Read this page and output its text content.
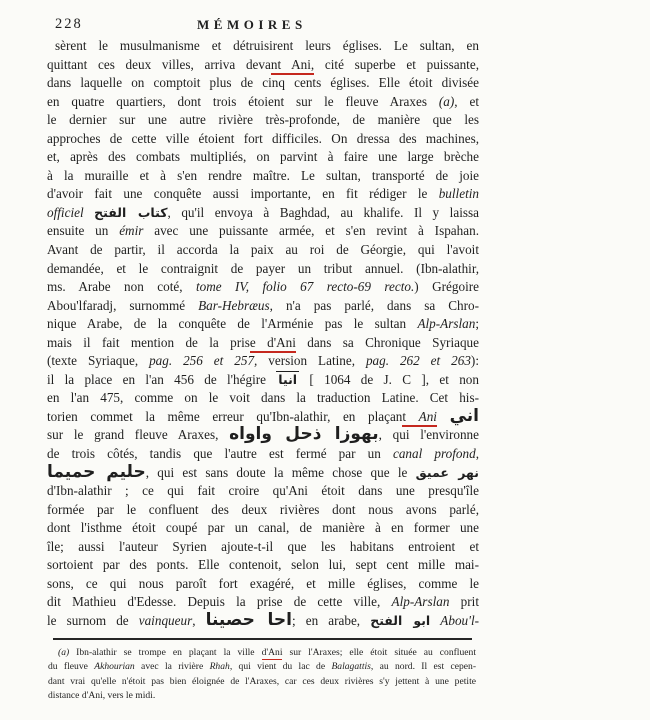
228	MÉMOIRES
sèrent le musulmanisme et détruisirent leurs églises. Le sultan, en
quittant ces deux villes, arriva devant Ani, cité superbe et puissante,
dans laquelle on comptoit plus de cinq cents églises. Elle étoit divisée
en quatre quartiers, dont trois étoient sur le fleuve Araxes (a), et
le dernier sur une autre rivière très-profonde, de manière que les
approches de cette ville étoient fort difficiles. On dressa des machines,
et, après des combats multipliés, on parvint à faire une large brèche
à la muraille et à s'en rendre maître. Le sultan, transporté de joie
d'avoir fait une conquête aussi importante, en fit rédiger le bulletin
officiel كتاب الفتح, qu'il envoya à Baghdad, au khalife. Il y laissa
ensuite un émir avec une puissante armée, et s'en revint à Ispahan.
Avant de partir, il accorda la paix au roi de Géorgie, qui l'avoit
demandée, et le contraignit de payer un tribut annuel. (Ibn-alathir,
ms. Arabe non coté, tome IV, folio 67 recto-69 recto.) Grégoire
Abou'lfaradj, surnommé Bar-Hebræus, n'a pas parlé, dans sa Chro-
nique Arabe, de la conquête de l'Arménie pas le sultan Alp-Arslan;
mais il fait mention de la prise d'Ani dans sa Chronique Syriaque
(texte Syriaque, pag. 256 et 257, version Latine, pag. 262 et 263):
il la place en l'an 456 de l'hégire انيا [ 1064 de J. C ], et non
en l'an 475, comme on le voit dans la traduction Latine. Cet his-
torien commet la même erreur qu'Ibn-alathir, en plaçant Ani اني
sur le grand fleuve Araxes, بهوزا ذحل واواه, qui l'environne
de trois côtés, tandis que l'autre est fermé par un canal profond,
حليم حميما, qui est sans doute la même chose que le نهر عميق
d'Ibn-alathir ; ce qui fait croire qu'Ani étoit dans une presqu'île
formée par le confluent des deux rivières dont nous avons parlé,
dont l'isthme étoit coupé par un canal, de manière à en former une
île; aussi l'auteur Syrien ajoute-t-il que les habitans entroient et
sortoient par des ponts. Elle contenoit, selon lui, sept cent mille mai-
sons, ce qui nous paroît fort exagéré, et mille églises, comme le
dit Mathieu d'Edesse. Depuis la prise de cette ville, Alp-Arslan prit
le surnom de vainqueur, احا حصينا; en arabe, ابو الفتح Abou'l-
(a) Ibn-alathir se trompe en plaçant la ville d'Ani sur l'Araxes; elle étoit située au confluent
du fleuve Akhourian avec la rivière Rhah, qui vient du lac de Balagattis, au nord. Il est cepen-
dant vrai qu'elle n'étoit pas bien éloignée de l'Araxes, car ces deux rivières s'y jettent à une petite
distance d'Ani, vers le midi.
